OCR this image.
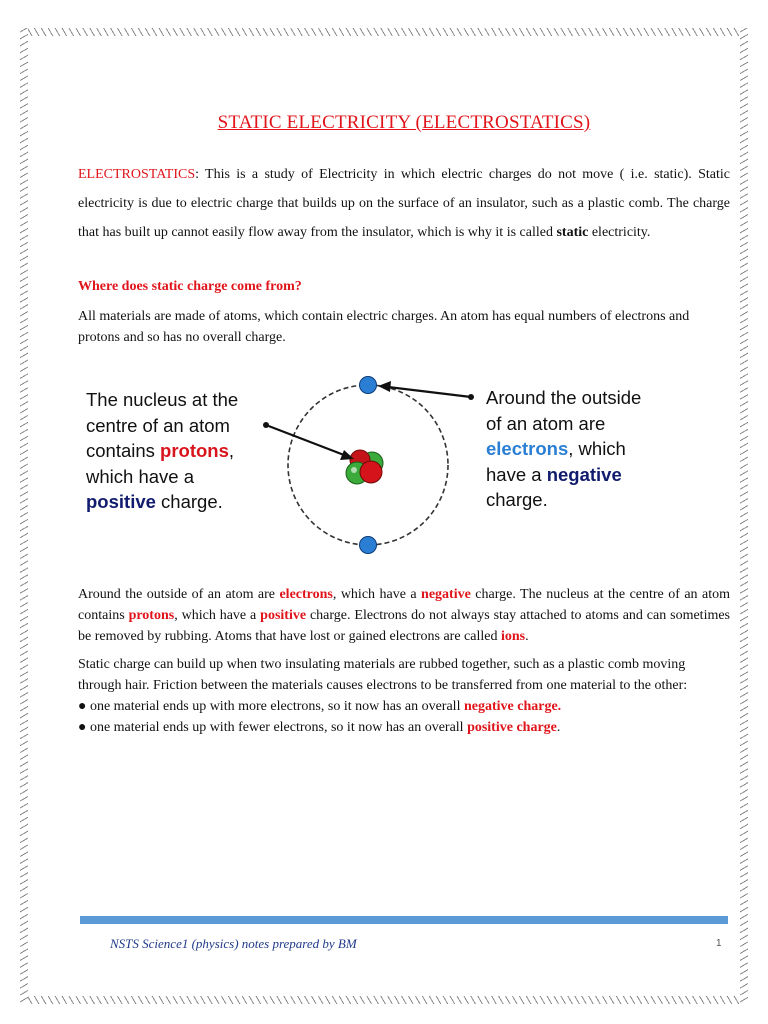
STATIC ELECTRICITY (ELECTROSTATICS)

ELECTROSTATICS: This is a study of Electricity in which electric charges do not move ( i.e. static). Static electricity is due to electric charge that builds up on the surface of an insulator, such as a plastic comb. The charge that has built up cannot easily flow away from the insulator, which is why it is called static electricity.

Where does static charge come from?

All materials are made of atoms, which contain electric charges. An atom has equal numbers of electrons and protons and so has no overall charge.

Around the outside of an atom are electrons, which have a negative charge. The nucleus at the centre of an atom contains protons, which have a positive charge. Electrons do not always stay attached to atoms and can sometimes be removed by rubbing. Atoms that have lost or gained electrons are called ions.

Static charge can build up when two insulating materials are rubbed together, such as a plastic comb moving through hair. Friction between the materials causes electrons to be transferred from one material to the other:
● one material ends up with more electrons, so it now has an overall negative charge.
● one material ends up with fewer electrons, so it now has an overall positive charge.

The nucleus at the
centre of an atom
contains protons,
which have a
positive charge.
Around the outside
of an atom are
electrons, which
have a negative
charge.
NSTS Science1 (physics) notes prepared by BM	1
